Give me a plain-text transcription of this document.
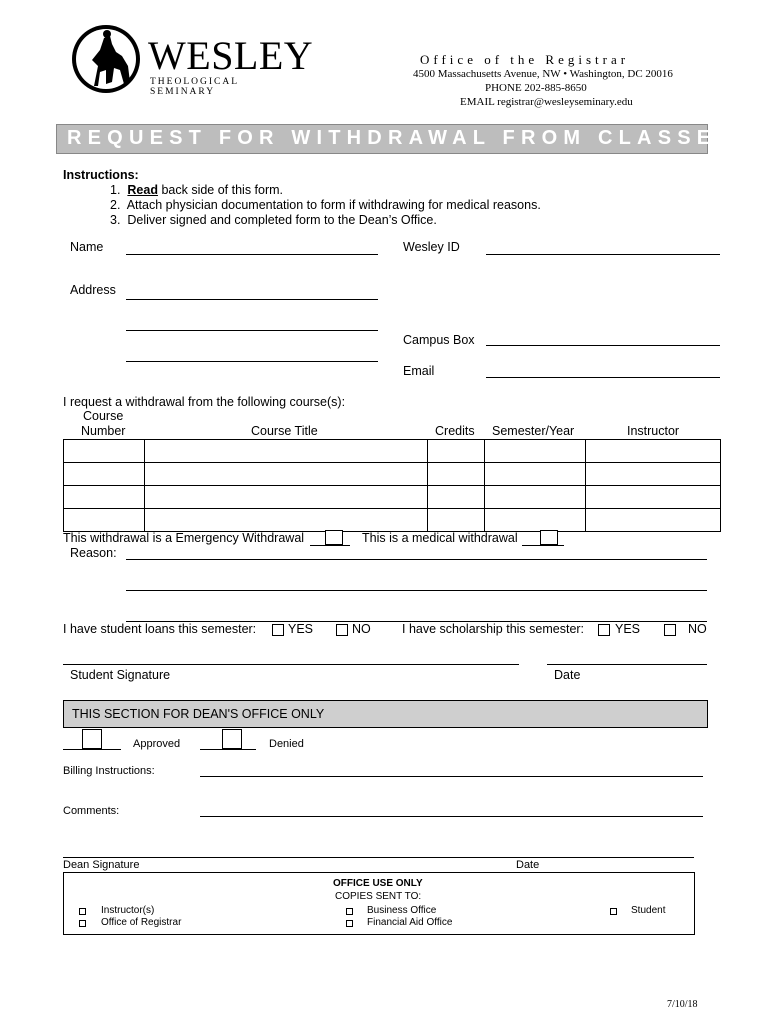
WESLEY
THEOLOGICAL SEMINARY
Office of the Registrar
4500 Massachusetts Avenue, NW • Washington, DC 20016
PHONE 202-885-8650
EMAIL registrar@wesleyseminary.edu
REQUEST FOR WITHDRAWAL FROM CLASSES
Instructions:
1. Read back side of this form.
2. Attach physician documentation to form if withdrawing for medical reasons.
3. Deliver signed and completed form to the Dean’s Office.
Name	Wesley ID
Address
Campus Box
Email
I request a withdrawal from the following course(s):
Course
Number	Course Title	Credits Semester/Year	Instructor

This withdrawal is a Emergency Withdrawal	This is a medical withdrawal
Reason:
I have student loans this semester:	YES	NO	I have scholarship this semester: YES	NO
Student Signature	Date
THIS SECTION FOR DEAN'S OFFICE ONLY
Approved	Denied
Billing Instructions:
Comments:
Dean Signature	Date
OFFICE USE ONLY
COPIES SENT TO:
Instructor(s)
Office of Registrar
Business Office
Financial Aid Office
Student
7/10/18
